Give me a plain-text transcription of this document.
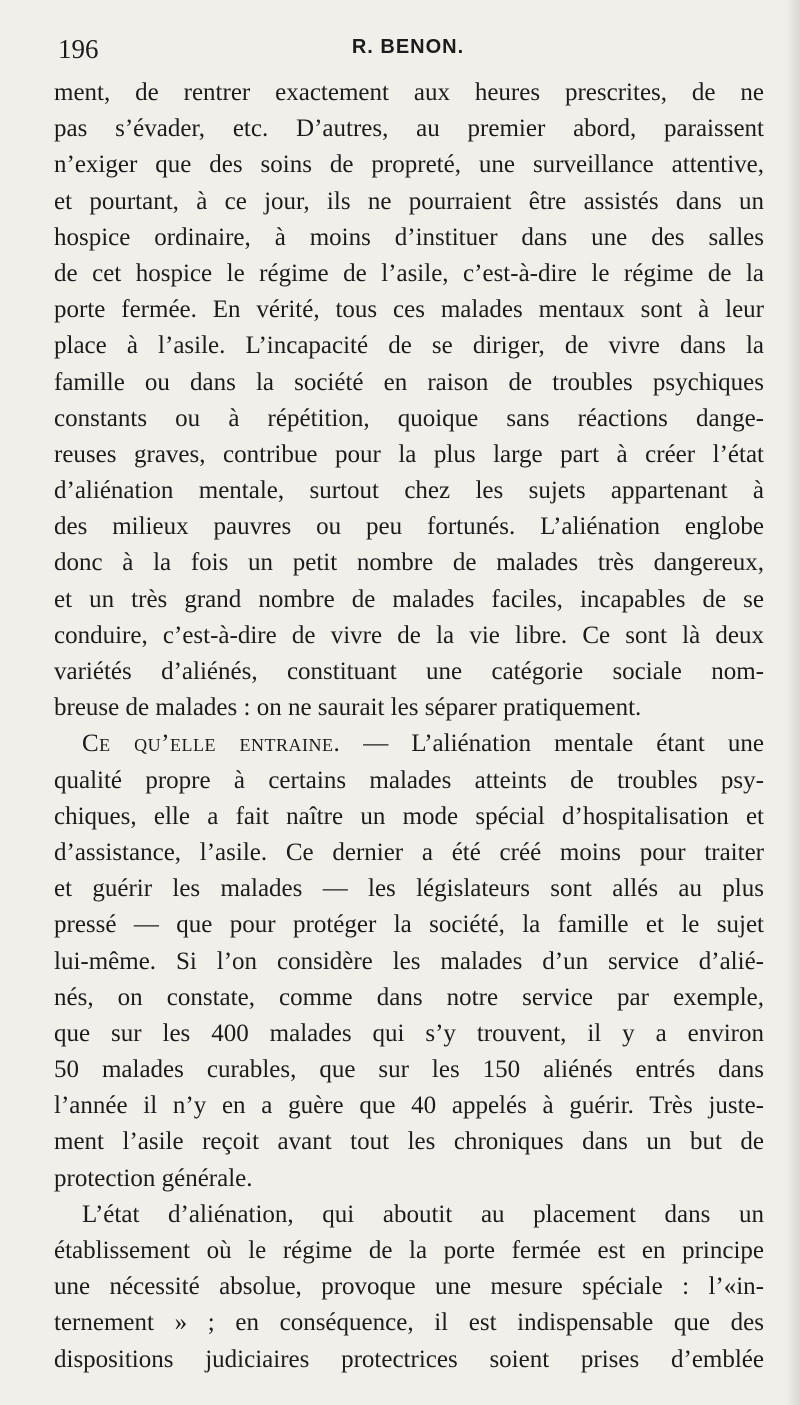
196	R. BENON.
ment, de rentrer exactement aux heures prescrites, de ne
pas s’évader, etc. D’autres, au premier abord, paraissent
n’exiger que des soins de propreté, une surveillance attentive,
et pourtant, à ce jour, ils ne pourraient être assistés dans un
hospice ordinaire, à moins d’instituer dans une des salles
de cet hospice le régime de l’asile, c’est-à-dire le régime de la
porte fermée. En vérité, tous ces malades mentaux sont à leur
place à l’asile. L’incapacité de se diriger, de vivre dans la
famille ou dans la société en raison de troubles psychiques
constants ou à répétition, quoique sans réactions dange-
reuses graves, contribue pour la plus large part à créer l’état
d’aliénation mentale, surtout chez les sujets appartenant à
des milieux pauvres ou peu fortunés. L’aliénation englobe
donc à la fois un petit nombre de malades très dangereux,
et un très grand nombre de malades faciles, incapables de se
conduire, c’est-à-dire de vivre de la vie libre. Ce sont là deux
variétés d’aliénés, constituant une catégorie sociale nom-
breuse de malades : on ne saurait les séparer pratiquement.
Ce qu’elle entraine. — L’aliénation mentale étant une
qualité propre à certains malades atteints de troubles psy-
chiques, elle a fait naître un mode spécial d’hospitalisation et
d’assistance, l’asile. Ce dernier a été créé moins pour traiter
et guérir les malades — les législateurs sont allés au plus
pressé — que pour protéger la société, la famille et le sujet
lui-même. Si l’on considère les malades d’un service d’alié-
nés, on constate, comme dans notre service par exemple,
que sur les 400 malades qui s’y trouvent, il y a environ
50 malades curables, que sur les 150 aliénés entrés dans
l’année il n’y en a guère que 40 appelés à guérir. Très juste-
ment l’asile reçoit avant tout les chroniques dans un but de
protection générale.
L’état d’aliénation, qui aboutit au placement dans un
établissement où le régime de la porte fermée est en principe
une nécessité absolue, provoque une mesure spéciale : l’«in-
ternement » ; en conséquence, il est indispensable que des
dispositions judiciaires protectrices soient prises d’emblée
